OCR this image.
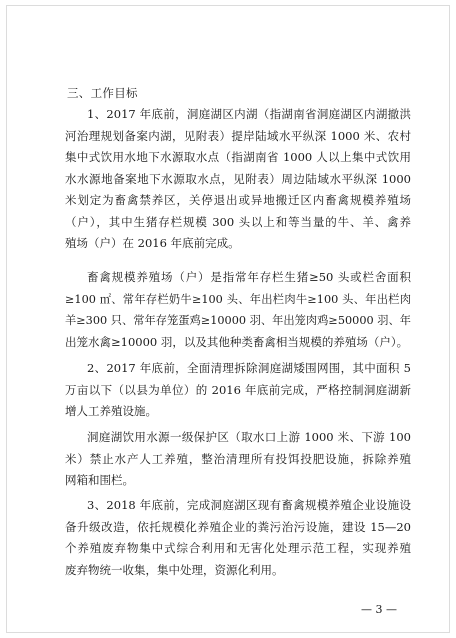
三、工作目标

1、2017 年底前，洞庭湖区内湖（指湖南省洞庭湖区内湖撤洪
河治理规划备案内湖，见附表）提岸陆域水平纵深 1000 米、农村
集中式饮用水地下水源取水点（指湖南省 1000 人以上集中式饮用
水水源地备案地下水源取水点，见附表）周边陆域水平纵深 1000
米划定为畜禽禁养区，关停退出或异地搬迁区内畜禽规模养殖场
（户），其中生猪存栏规模 300 头以上和等当量的牛、羊、禽养
殖场（户）在 2016 年底前完成。

畜禽规模养殖场（户）是指常年存栏生猪≥50 头或栏舍面积
≥100 ㎡、常年存栏奶牛≥100 头、年出栏肉牛≥100 头、年出栏肉
羊≥300 只、常年存笼蛋鸡≥10000 羽、年出笼肉鸡≥50000 羽、年
出笼水禽≥10000 羽，以及其他种类畜禽相当规模的养殖场（户）。

2、2017 年底前，全面清理拆除洞庭湖矮围网围，其中面积 5
万亩以下（以县为单位）的 2016 年底前完成，严格控制洞庭湖新
增人工养殖设施。

洞庭湖饮用水源一级保护区（取水口上游 1000 米、下游 100
米）禁止水产人工养殖，整治清理所有投饵投肥设施，拆除养殖
网箱和围栏。

3、2018 年底前，完成洞庭湖区现有畜禽规模养殖企业设施设
备升级改造，依托规模化养殖企业的粪污治污设施，建设 15—20
个养殖废弃物集中式综合利用和无害化处理示范工程，实现养殖
废弃物统一收集，集中处理，资源化利用。

— 3 —
